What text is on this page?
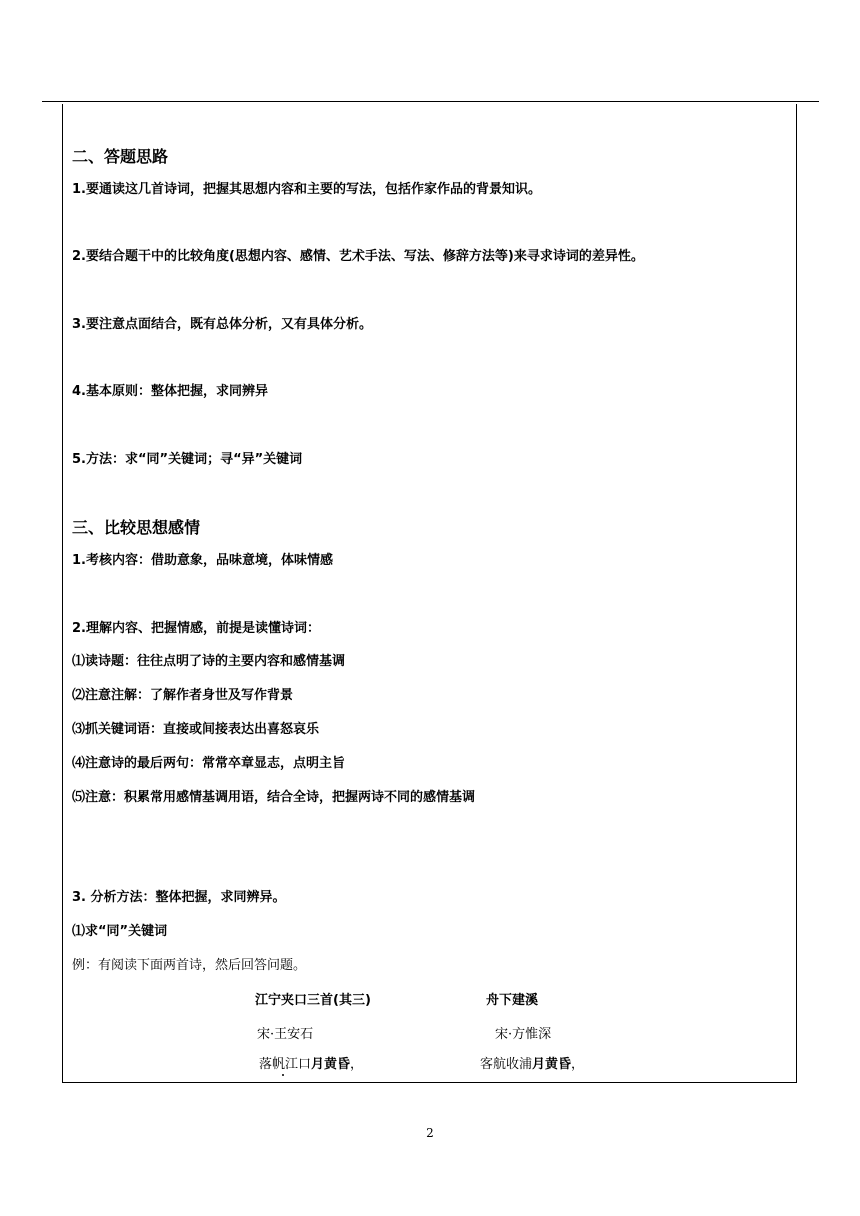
二、答题思路
1.要通读这几首诗词，把握其思想内容和主要的写法，包括作家作品的背景知识。
2.要结合题干中的比较角度(思想内容、感情、艺术手法、写法、修辞方法等)来寻求诗词的差异性。
3.要注意点面结合，既有总体分析，又有具体分析。
4.基本原则：整体把握，求同辨异
5.方法：求“同”关键词；寻“异”关键词
三、比较思想感情
1.考核内容：借助意象，品味意境，体味情感
2.理解内容、把握情感，前提是读懂诗词：
⑴读诗题：往往点明了诗的主要内容和感情基调
⑵注意注解：了解作者身世及写作背景
⑶抓关键词语：直接或间接表达出喜怒哀乐
⑷注意诗的最后两句：常常卒章显志，点明主旨
⑸注意：积累常用感情基调用语，结合全诗，把握两诗不同的感情基调
3. 分析方法：整体把握，求同辨异。
⑴求“同”关键词
例：有阅读下面两首诗，然后回答问题。
江宁夹口三首(其三)	舟下建溪
宋·王安石	宋·方惟深
落帆江口月黄昏，	客航收浦月黄昏，
2
